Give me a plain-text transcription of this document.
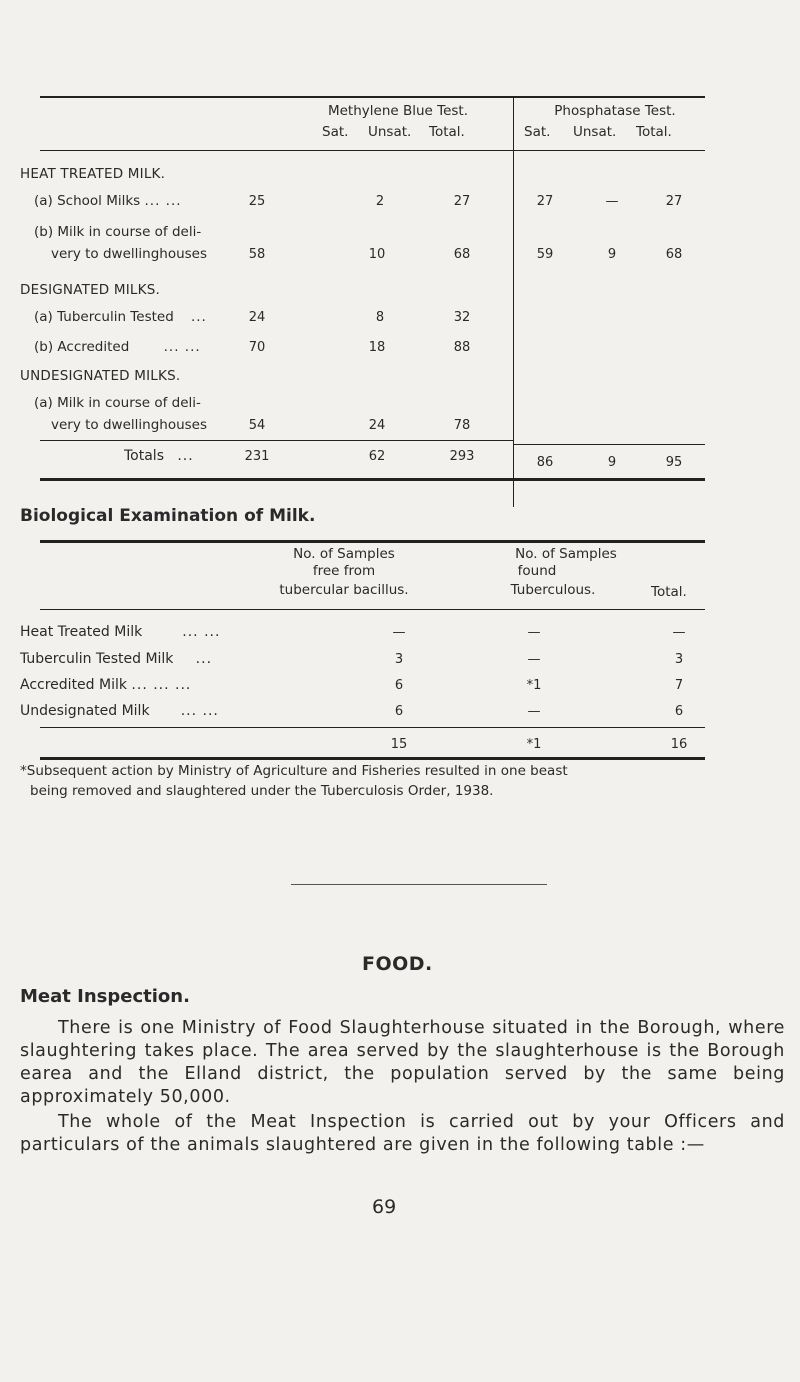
Methylene Blue Test.
Sat. Unsat. Total.
Phosphatase Test.
Sat. Unsat. Total.
HEAT TREATED MILK.
(a) School Milks ... ...	25	2	27	27	—	27
(b) Milk in course of deli-
very to dwellinghouses	58	10	68	59	9	68
DESIGNATED MILKS.
(a) Tuberculin Tested ...	24	8	32
(b) Accredited	... ...	70	18	88
UNDESIGNATED MILKS.
(a) Milk in course of deli-
very to dwellinghouses	54	24	78
Totals ...	231	62	293	86	9	95
Biological Examination of Milk.
No. of Samples
free from
tubercular bacillus.
No. of Samples
found
Tuberculous.	Total.
Heat Treated Milk	... ...	—	—	—
Tuberculin Tested Milk ...	3	—	3
Accredited Milk ... ... ...	6	*1	7
Undesignated Milk ... ...	6	—	6
15	*1	16
*Subsequent action by Ministry of Agriculture and Fisheries resulted in one beast
being removed and slaughtered under the Tuberculosis Order, 1938.
FOOD.
Meat Inspection.
There is one Ministry of Food Slaughterhouse situated in the Borough, where slaughtering takes place. The area served by the slaughterhouse is the Borough earea and the Elland district, the population served by the same being approximately 50,000.
The whole of the Meat Inspection is carried out by your Officers and particulars of the animals slaughtered are given in the following table :—
69
